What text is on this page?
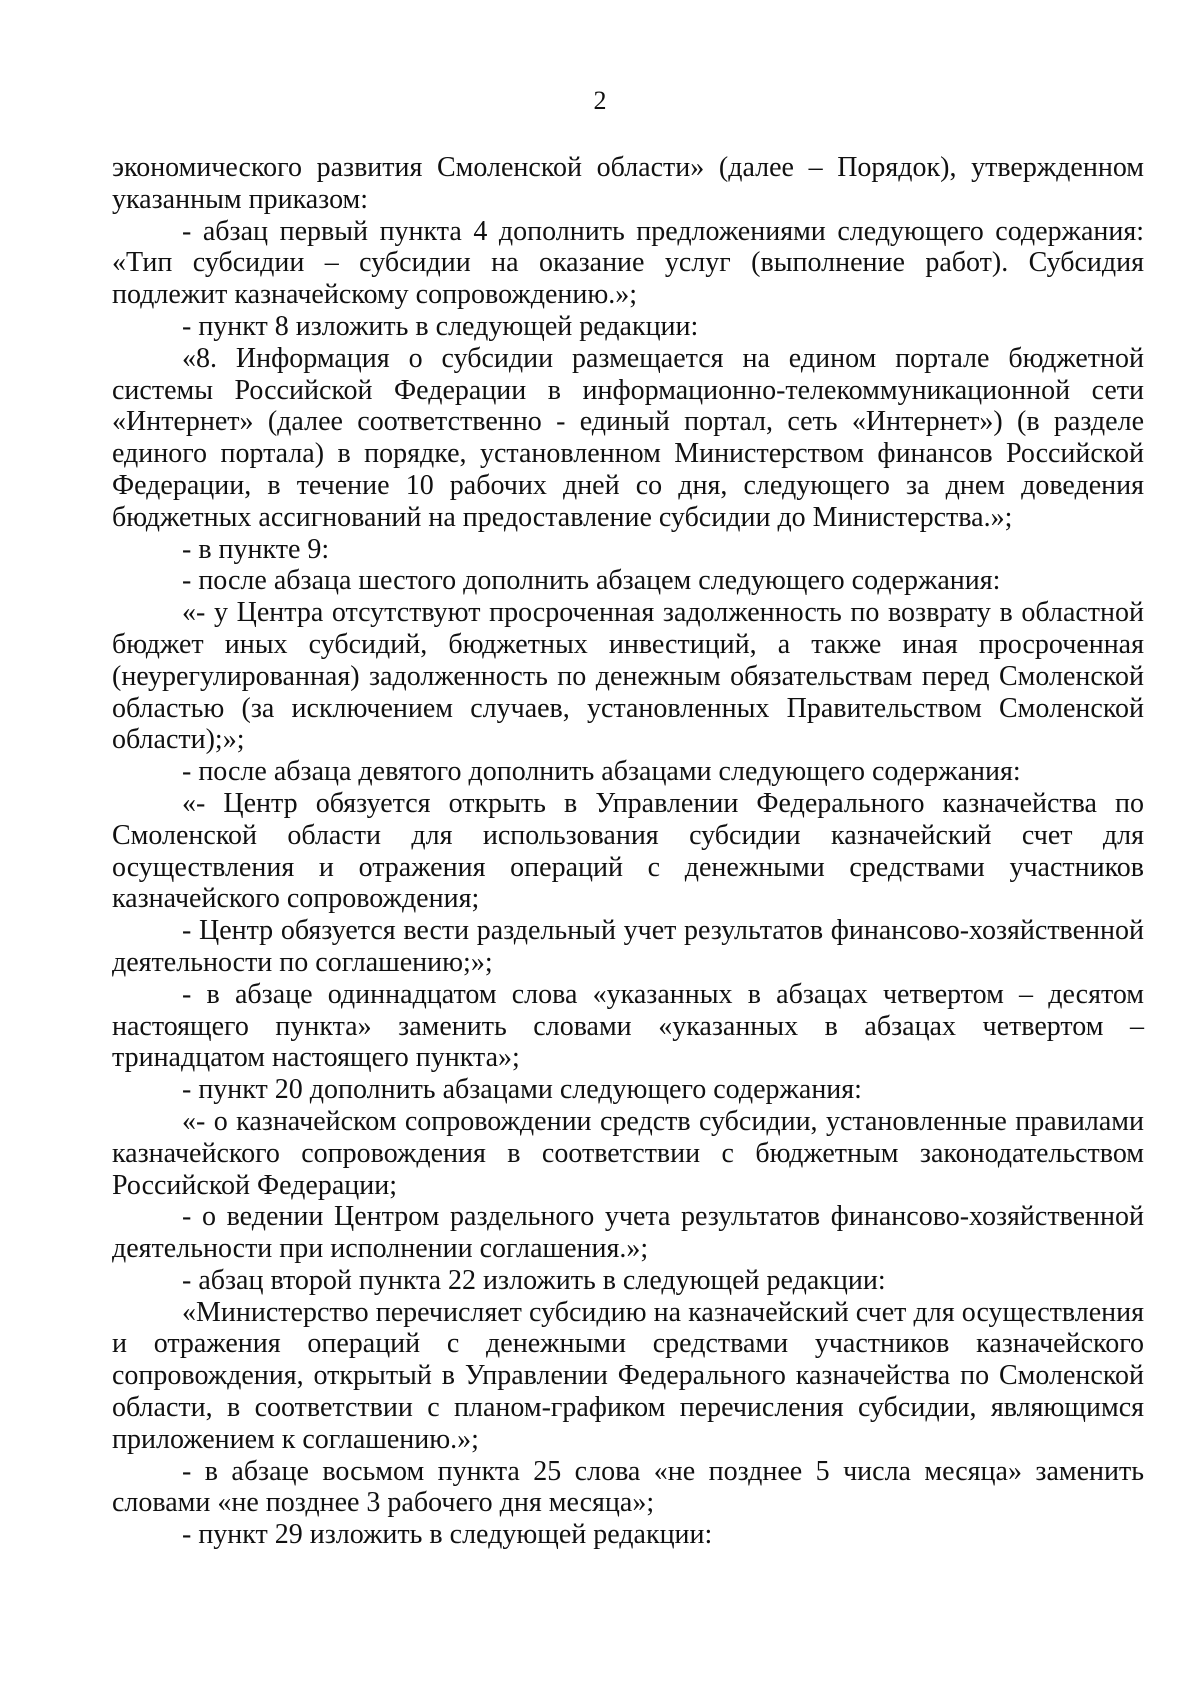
2

экономического развития Смоленской области» (далее – Порядок), утвержденном указанным приказом:

- абзац первый пункта 4 дополнить предложениями следующего содержания: «Тип субсидии – субсидии на оказание услуг (выполнение работ). Субсидия подлежит казначейскому сопровождению.»;

- пункт 8 изложить в следующей редакции:

«8. Информация о субсидии размещается на едином портале бюджетной системы Российской Федерации в информационно-телекоммуникационной сети «Интернет» (далее соответственно - единый портал, сеть «Интернет») (в разделе единого портала) в порядке, установленном Министерством финансов Российской Федерации, в течение 10 рабочих дней со дня, следующего за днем доведения бюджетных ассигнований на предоставление субсидии до Министерства.»;

- в пункте 9:

- после абзаца шестого дополнить абзацем следующего содержания:

«- у Центра отсутствуют просроченная задолженность по возврату в областной бюджет иных субсидий, бюджетных инвестиций, а также иная просроченная (неурегулированная) задолженность по денежным обязательствам перед Смоленской областью (за исключением случаев, установленных Правительством Смоленской области);»;

- после абзаца девятого дополнить абзацами следующего содержания:

«- Центр обязуется открыть в Управлении Федерального казначейства по Смоленской области для использования субсидии казначейский счет для осуществления и отражения операций с денежными средствами участников казначейского сопровождения;

- Центр обязуется вести раздельный учет результатов финансово-хозяйственной деятельности по соглашению;»;

- в абзаце одиннадцатом слова «указанных в абзацах четвертом – десятом настоящего пункта» заменить словами «указанных в абзацах четвертом – тринадцатом настоящего пункта»;

- пункт 20 дополнить абзацами следующего содержания:

«- о казначейском сопровождении средств субсидии, установленные правилами казначейского сопровождения в соответствии с бюджетным законодательством Российской Федерации;

- о ведении Центром раздельного учета результатов финансово-хозяйственной деятельности при исполнении соглашения.»;

- абзац второй пункта 22 изложить в следующей редакции:

«Министерство перечисляет субсидию на казначейский счет для осуществления и отражения операций с денежными средствами участников казначейского сопровождения, открытый в Управлении Федерального казначейства по Смоленской области, в соответствии с планом-графиком перечисления субсидии, являющимся приложением к соглашению.»;

- в абзаце восьмом пункта 25 слова «не позднее 5 числа месяца» заменить словами «не позднее 3 рабочего дня месяца»;

- пункт 29 изложить в следующей редакции:
